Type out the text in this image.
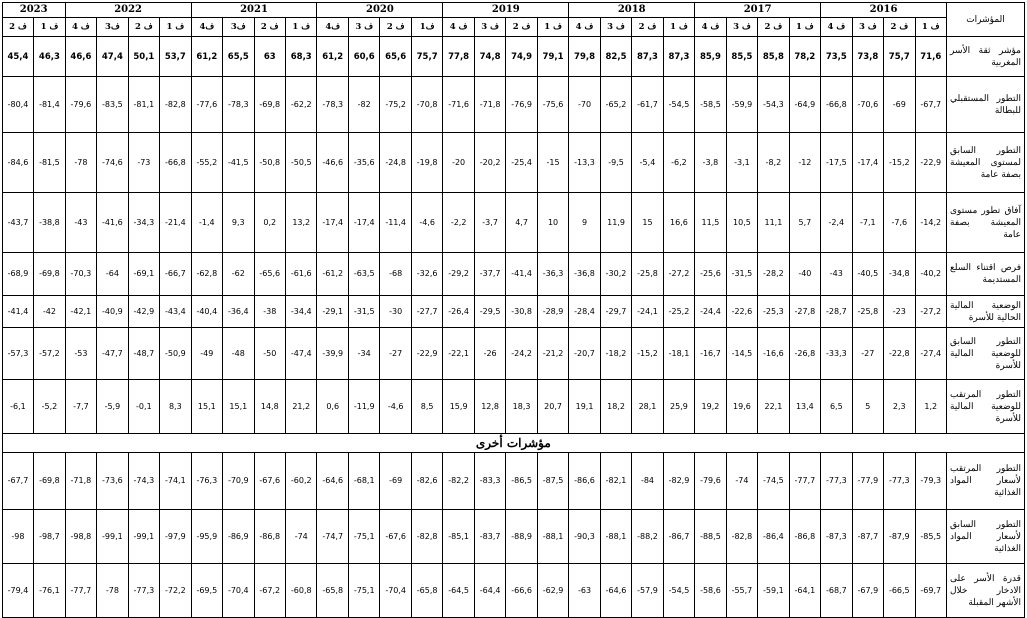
المؤشرات	2016				2017				2018				2019				2020				2021				2022				2023	
	ف 1	ف 2	ف 3	ف 4	ف 1	ف 2	ف 3	ف 4	ف 1	ف 2	ف 3	ف 4	ف 1	ف 2	ف 3	ف 4	ف1	ف 2	ف 3	ف4	ف 1	ف 2	ف3	ف4	ف 1	ف 2	ف3	ف 4	ف 1	ف 2
مؤشر ثقة الأسر المغربية	71,6	75,7	73,8	73,5	78,2	85,8	85,5	85,9	87,3	87,3	82,5	79,8	79,1	74,9	74,8	77,8	75,7	65,6	60,6	61,2	68,3	63	65,5	61,2	53,7	50,1	47,4	46,6	46,3	45,4
التطور المستقبلي للبطالة	-67,7	-69	-70,6	-66,8	-64,9	-54,3	-59,9	-58,5	-54,5	-61,7	-65,2	-70	-75,6	-76,9	-71,8	-71,6	-70,8	-75,2	-82	-78,3	-62,2	-69,8	-78,3	-77,6	-82,8	-81,1	-83,5	-79,6	-81,4	-80,4
التطور السابق لمستوى المعيشة بصفة عامة	-22,9	-15,2	-17,4	-17,5	-12	-8,2	-3,1	-3,8	-6,2	-5,4	-9,5	-13,3	-15	-25,4	-20,2	-20	-19,8	-24,8	-35,6	-46,6	-50,5	-50,8	-41,5	-55,2	-66,8	-73	-74,6	-78	-81,5	-84,6
آفاق تطور مستوى المعيشة بصفة عامة	-14,2	-7,6	-7,1	-2,4	5,7	11,1	10,5	11,5	16,6	15	11,9	9	10	4,7	-3,7	-2,2	-4,6	-11,4	-17,4	-17,4	13,2	0,2	9,3	-1,4	-21,4	-34,3	-41,6	-43	-38,8	-43,7
فرص اقتناء السلع المستديمة	-40,2	-34,8	-40,5	-43	-40	-28,2	-31,5	-25,6	-27,2	-25,8	-30,2	-36,8	-36,3	-41,4	-37,7	-29,2	-32,6	-68	-63,5	-61,2	-61,6	-65,6	-62	-62,8	-66,7	-69,1	-64	-70,3	-69,8	-68,9
الوضعية المالية الحالية للأسرة	-27,2	-23	-25,8	-28,7	-27,8	-25,3	-22,6	-24,4	-25,2	-24,1	-29,7	-28,4	-28,9	-30,8	-29,5	-26,4	-27,7	-30	-31,5	-29,1	-34,4	-38	-36,4	-40,4	-43,4	-42,9	-40,9	-42,1	-42	-41,4
التطور السابق للوضعية المالية للأسرة	-27,4	-22,8	-27	-33,3	-26,8	-16,6	-14,5	-16,7	-18,1	-15,2	-18,2	-20,7	-21,2	-24,2	-26	-22,1	-22,9	-27	-34	-39,9	-47,4	-50	-48	-49	-50,9	-48,7	-47,7	-53	-57,2	-57,3
التطور المرتقب للوضعية المالية للأسرة	1,2	2,3	5	6,5	13,4	22,1	19,6	19,2	25,9	28,1	18,2	19,1	20,7	18,3	12,8	15,9	8,5	-4,6	-11,9	0,6	21,2	14,8	15,1	15,1	8,3	-0,1	-5,9	-7,7	-5,2	-6,1
مؤشرات أخرى																														
التطور المرتقب لأسعار المواد الغذائية	-79,3	-77,3	-77,9	-77,3	-77,7	-74,5	-74	-79,6	-82,9	-84	-82,1	-86,6	-87,5	-86,5	-83,3	-82,2	-82,6	-69	-68,1	-64,6	-60,2	-67,6	-70,9	-76,3	-74,1	-74,3	-73,6	-71,8	-69,8	-67,7
التطور السابق لأسعار المواد الغذائية	-85,5	-87,9	-87,7	-87,3	-86,8	-86,4	-82,8	-88,5	-86,7	-88,2	-88,1	-90,3	-88,1	-88,9	-83,7	-85,1	-82,8	-67,6	-75,1	-74,7	-74	-86,8	-86,9	-95,9	-97,9	-99,1	-99,1	-98,8	-98,7	-98
قدرة الأسر على الادخار خلال الأشهر المقبلة	-69,7	-66,5	-67,9	-68,7	-64,1	-59,1	-55,7	-58,6	-54,5	-57,9	-64,6	-63	-62,9	-66,6	-64,4	-64,5	-65,8	-70,4	-75,1	-65,8	-60,8	-67,2	-70,4	-69,5	-72,2	-77,3	-78	-77,7	-76,1	-79,4
